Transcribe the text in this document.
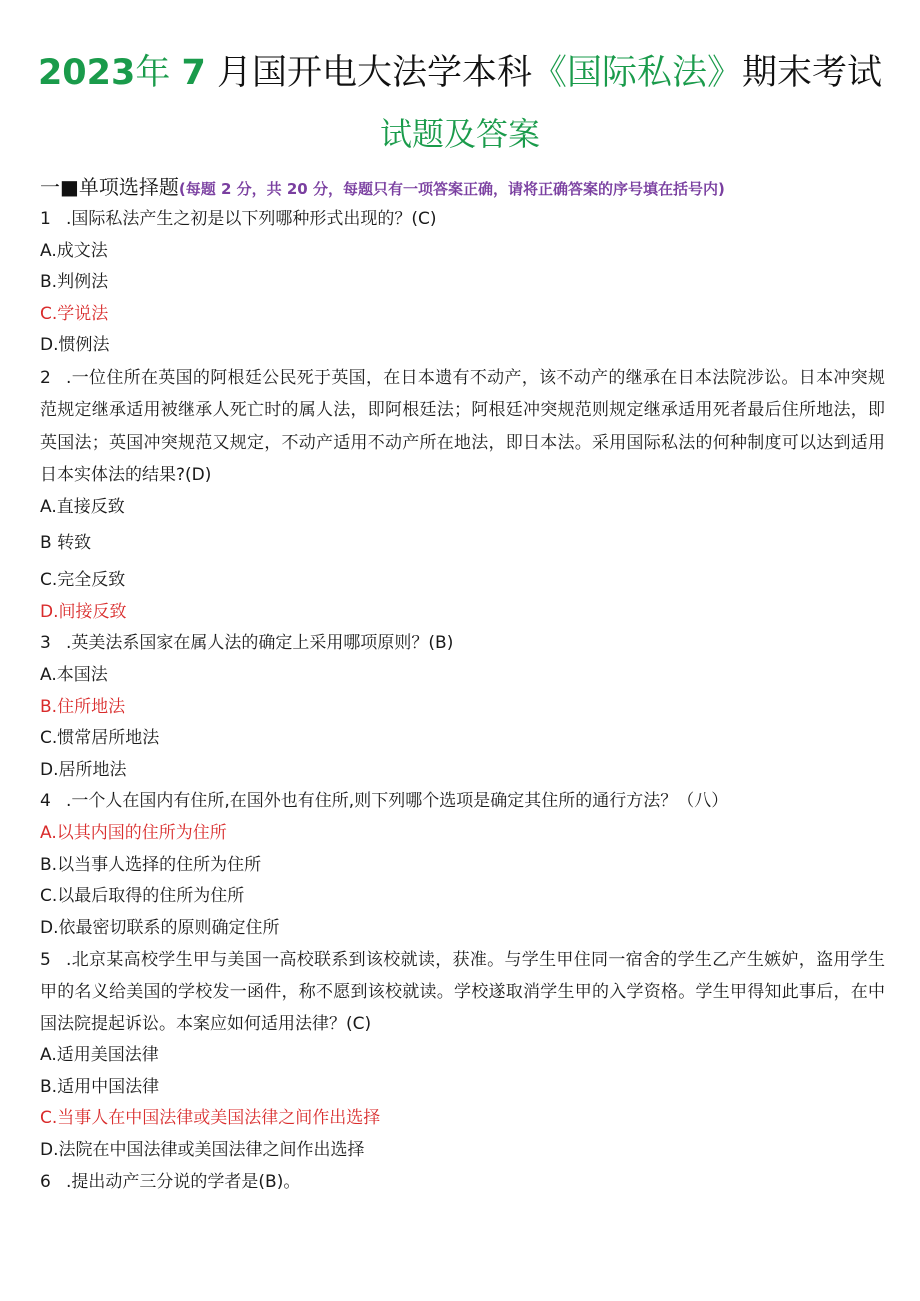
2023年 7 月国开电大法学本科《国际私法》期末考试
试题及答案
一■单项选择题(每题 2 分，共 20 分，每题只有一项答案正确，请将正确答案的序号填在括号内)
1 .国际私法产生之初是以下列哪种形式出现的？(C)
A.成文法
B.判例法
C.学说法
D.惯例法
2 .一位住所在英国的阿根廷公民死于英国，在日本遗有不动产，该不动产的继承在日本法院涉讼。日本冲突规范规定继承适用被继承人死亡时的属人法，即阿根廷法；阿根廷冲突规范则规定继承适用死者最后住所地法，即英国法；英国冲突规范又规定，不动产适用不动产所在地法，即日本法。采用国际私法的何种制度可以达到适用日本实体法的结果?(D)
A.直接反致
B 转致
C.完全反致
D.间接反致
3 .英美法系国家在属人法的确定上采用哪项原则？(B)
A.本国法
B.住所地法
C.惯常居所地法
D.居所地法
4 .一个人在国内有住所,在国外也有住所,则下列哪个选项是确定其住所的通行方法？（八）
A.以其内国的住所为住所
B.以当事人选择的住所为住所
C.以最后取得的住所为住所
D.依最密切联系的原则确定住所
5 .北京某高校学生甲与美国一高校联系到该校就读，获准。与学生甲住同一宿舍的学生乙产生嫉妒，盗用学生甲的名义给美国的学校发一函件，称不愿到该校就读。学校遂取消学生甲的入学资格。学生甲得知此事后，在中国法院提起诉讼。本案应如何适用法律？(C)
A.适用美国法律
B.适用中国法律
C.当事人在中国法律或美国法律之间作出选择
D.法院在中国法律或美国法律之间作出选择
6 .提出动产三分说的学者是(B)。
